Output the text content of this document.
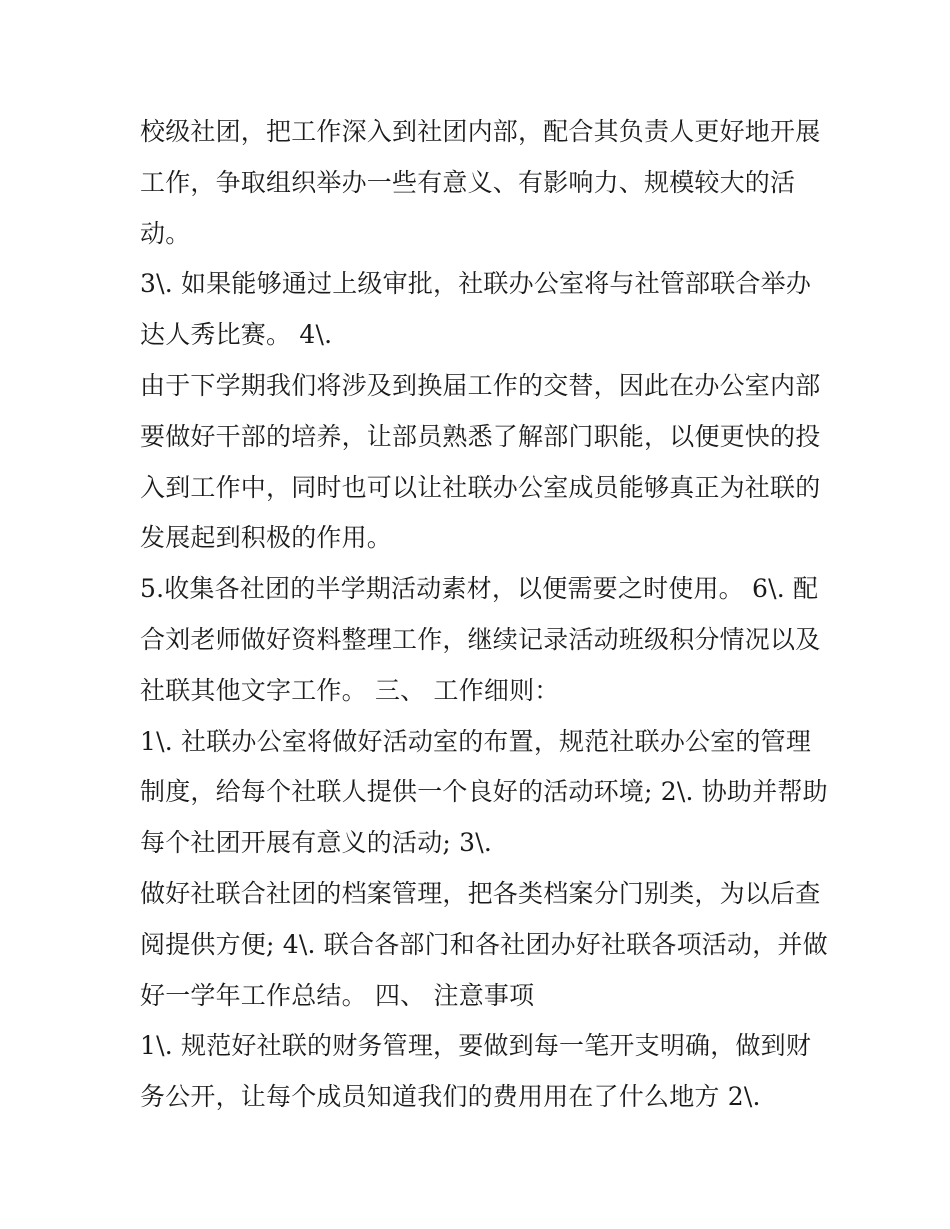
校级社团，把工作深入到社团内部，配合其负责人更好地开展
工作，争取组织举办一些有意义、有影响力、规模较大的活
动。
3\. 如果能够通过上级审批，社联办公室将与社管部联合举办
达人秀比赛。 4\.
由于下学期我们将涉及到换届工作的交替，因此在办公室内部
要做好干部的培养，让部员熟悉了解部门职能，以便更快的投
入到工作中，同时也可以让社联办公室成员能够真正为社联的
发展起到积极的作用。
5.收集各社团的半学期活动素材，以便需要之时使用。 6\. 配
合刘老师做好资料整理工作，继续记录活动班级积分情况以及
社联其他文字工作。 三、 工作细则：
1\. 社联办公室将做好活动室的布置，规范社联办公室的管理
制度，给每个社联人提供一个良好的活动环境; 2\. 协助并帮助
每个社团开展有意义的活动; 3\.
做好社联合社团的档案管理，把各类档案分门别类，为以后查
阅提供方便; 4\. 联合各部门和各社团办好社联各项活动，并做
好一学年工作总结。 四、 注意事项
1\. 规范好社联的财务管理，要做到每一笔开支明确，做到财
务公开，让每个成员知道我们的费用用在了什么地方 2\.
